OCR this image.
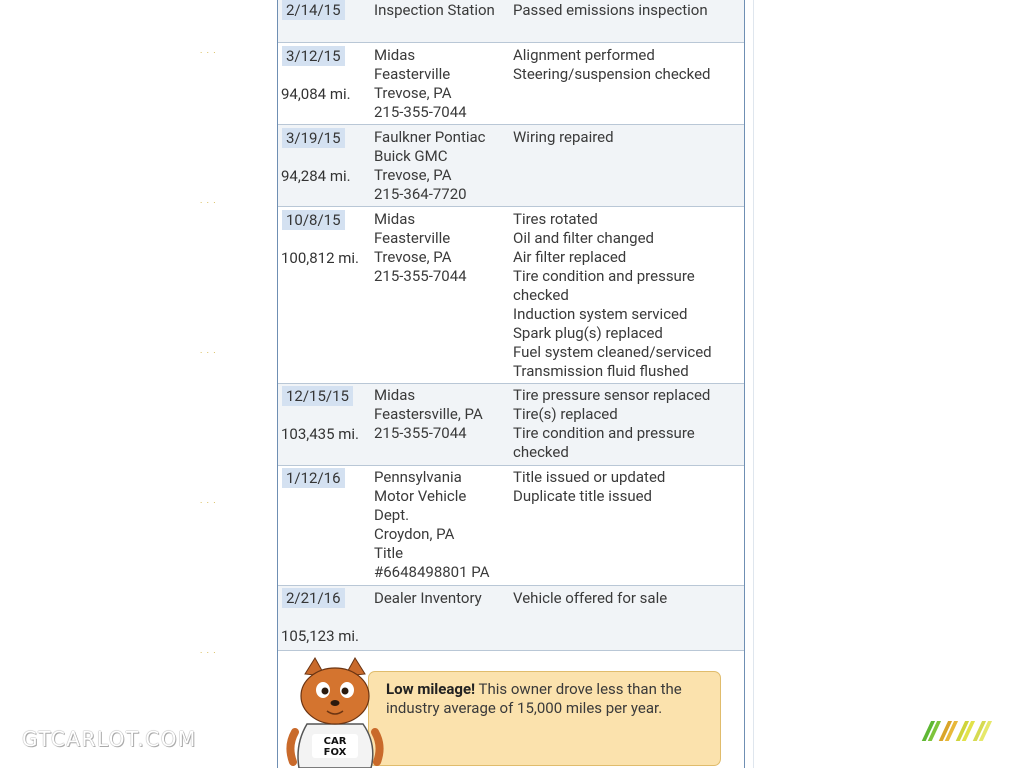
. . .
. . .
. . .
. . .
. . .
2/14/15 Inspection Station	Passed emissions inspection
3/12/15
94,084 mi.
Midas
Feasterville
Trevose, PA
215-355-7044
Alignment performed
Steering/suspension checked
3/19/15
94,284 mi.
Faulkner Pontiac
Buick GMC
Trevose, PA
215-364-7720
Wiring repaired
10/8/15
100,812 mi.
Midas
Feasterville
Trevose, PA
215-355-7044
Tires rotated
Oil and filter changed
Air filter replaced
Tire condition and pressure checked
Induction system serviced
Spark plug(s) replaced
Fuel system cleaned/serviced
Transmission fluid flushed
12/15/15
103,435 mi.
Midas
Feastersville, PA
215-355-7044
Tire pressure sensor replaced
Tire(s) replaced
Tire condition and pressure checked
1/12/16 Pennsylvania
Motor Vehicle
Dept.
Croydon, PA
Title
#6648498801 PA
Title issued or updated
Duplicate title issued
2/21/16
105,123 mi.
Dealer Inventory	Vehicle offered for sale
Low mileage! This owner drove less than the industry average of 15,000 miles per year.
CAR
FOX
GTCARLOT.COM
